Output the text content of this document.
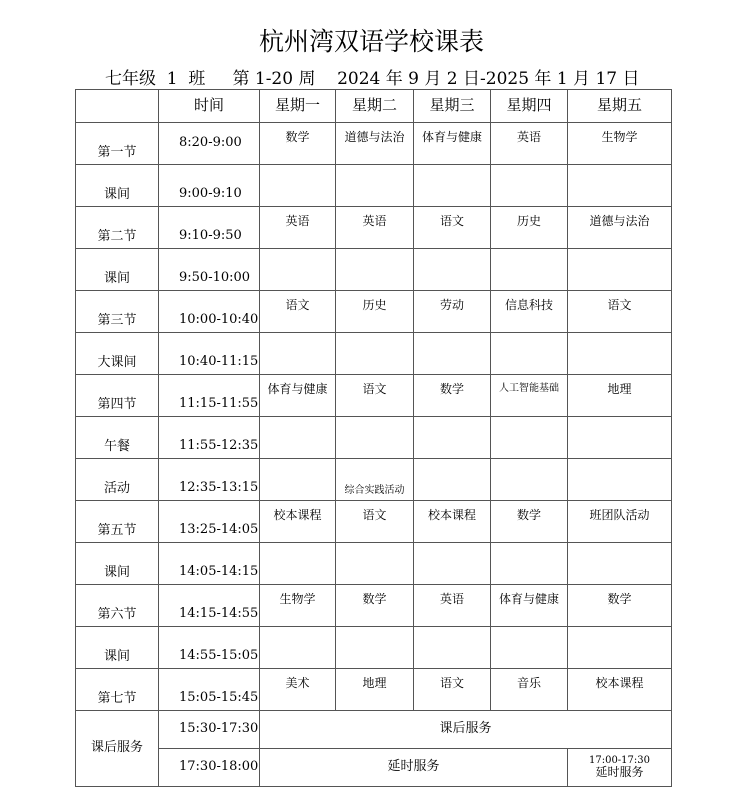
杭州湾双语学校课表
七年级  1  班 第 1-20 周 2024 年 9 月 2 日-2025 年 1 月 17 日
	时间	星期一	星期二	星期三	星期四	星期五
第一节	8:20-9:00	数学	道德与法治	体育与健康	英语	生物学
课间	9:00-9:10					
第二节	9:10-9:50	英语	英语	语文	历史	道德与法治
课间	9:50-10:00					
第三节	10:00-10:40	语文	历史	劳动	信息科技	语文
大课间	10:40-11:15					
第四节	11:15-11:55	体育与健康	语文	数学	人工智能基础	地理
午餐	11:55-12:35					
活动	12:35-13:15		综合实践活动			
第五节	13:25-14:05	校本课程	语文	校本课程	数学	班团队活动
课间	14:05-14:15					
第六节	14:15-14:55	生物学	数学	英语	体育与健康	数学
课间	14:55-15:05					
第七节	15:05-15:45	美术	地理	语文	音乐	校本课程
课后服务	15:30-17:30	课后服务				
	17:30-18:00	延时服务				17:00-17:30
延时服务
